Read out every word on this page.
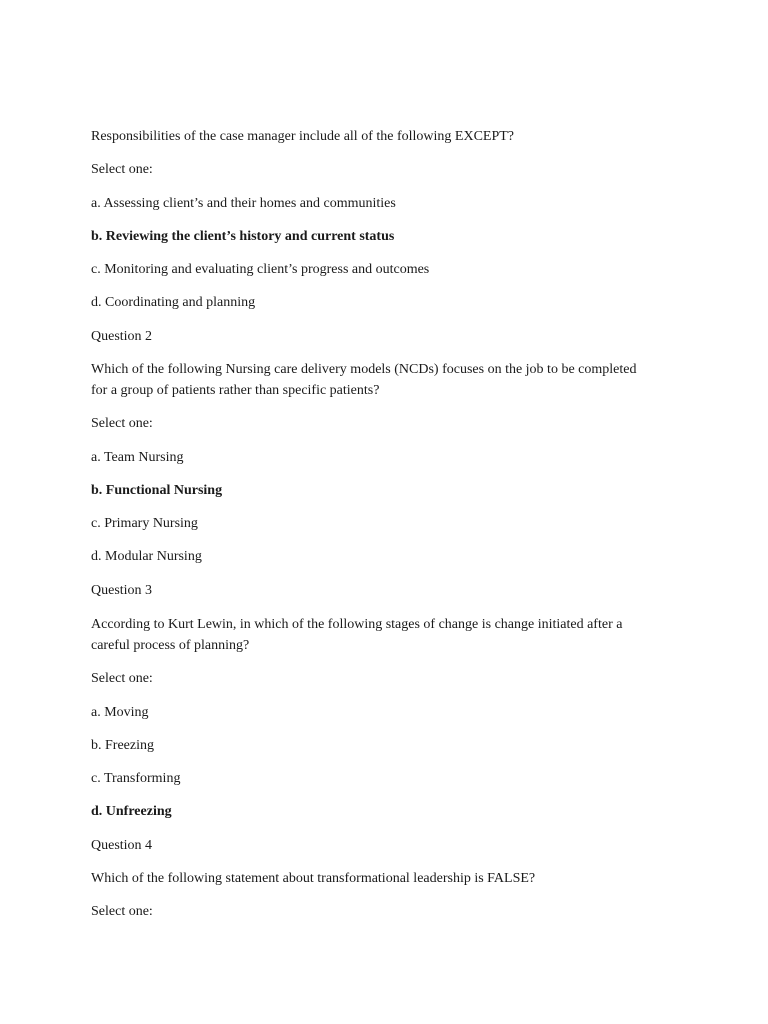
Responsibilities of the case manager include all of the following EXCEPT?

Select one:

a. Assessing client’s and their homes and communities

b. Reviewing the client’s history and current status

c. Monitoring and evaluating client’s progress and outcomes

d. Coordinating and planning

Question 2

Which of the following Nursing care delivery models (NCDs) focuses on the job to be completed

for a group of patients rather than specific patients?

Select one:

a. Team Nursing

b. Functional Nursing

c. Primary Nursing

d. Modular Nursing

Question 3

According to Kurt Lewin, in which of the following stages of change is change initiated after a

careful process of planning?

Select one:

a. Moving

b. Freezing

c. Transforming

d. Unfreezing

Question 4

Which of the following statement about transformational leadership is FALSE?

Select one:
